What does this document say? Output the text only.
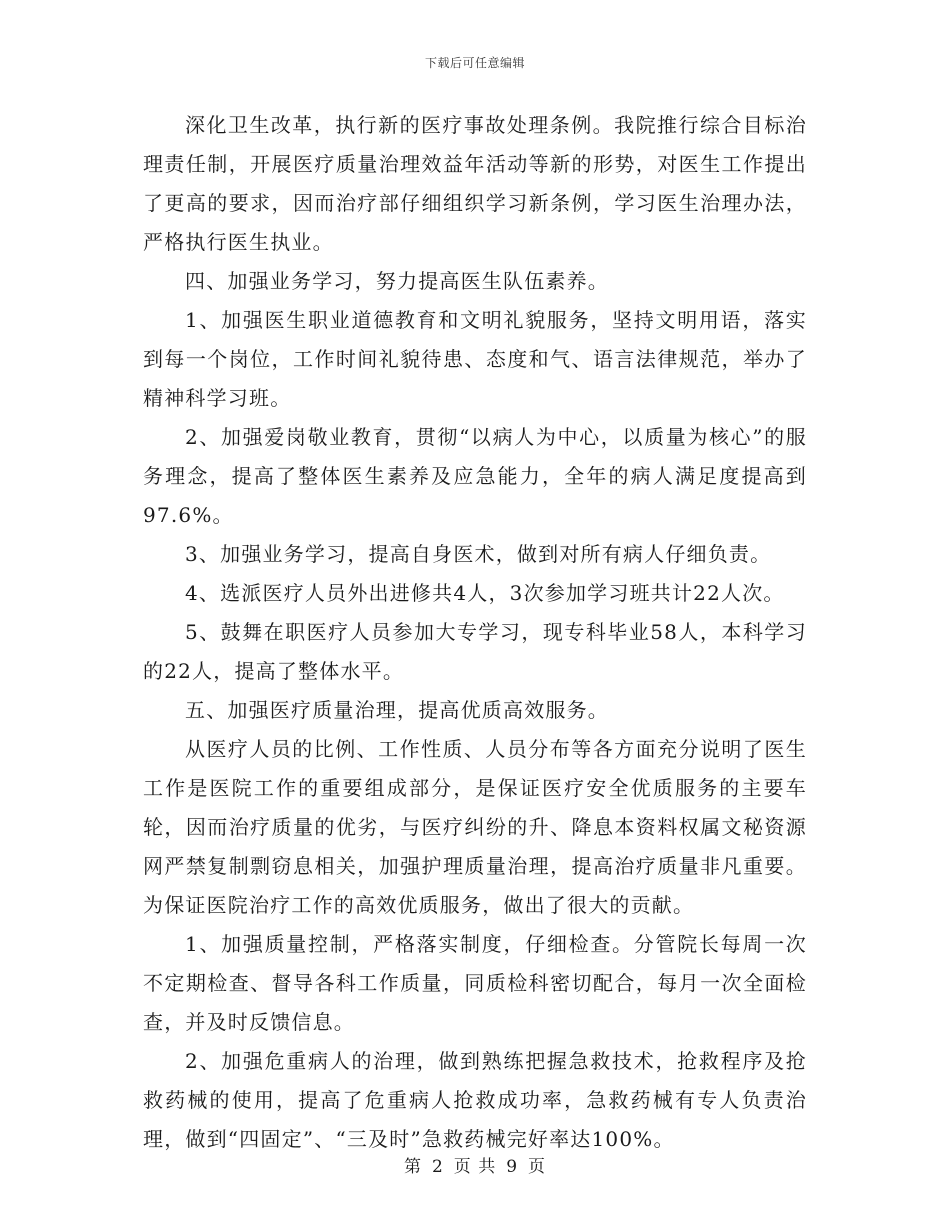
下载后可任意编辑

深化卫生改革，执行新的医疗事故处理条例。我院推行综合目标治理责任制，开展医疗质量治理效益年活动等新的形势，对医生工作提出了更高的要求，因而治疗部仔细组织学习新条例，学习医生治理办法，严格执行医生执业。

四、加强业务学习，努力提高医生队伍素养。

1、加强医生职业道德教育和文明礼貌服务，坚持文明用语，落实到每一个岗位，工作时间礼貌待患、态度和气、语言法律规范，举办了精神科学习班。

2、加强爱岗敬业教育，贯彻“以病人为中心，以质量为核心”的服务理念，提高了整体医生素养及应急能力，全年的病人满足度提高到97.6%。

3、加强业务学习，提高自身医术，做到对所有病人仔细负责。

4、选派医疗人员外出进修共4人，3次参加学习班共计22人次。

5、鼓舞在职医疗人员参加大专学习，现专科毕业58人，本科学习的22人，提高了整体水平。

五、加强医疗质量治理，提高优质高效服务。

从医疗人员的比例、工作性质、人员分布等各方面充分说明了医生工作是医院工作的重要组成部分，是保证医疗安全优质服务的主要车轮，因而治疗质量的优劣，与医疗纠纷的升、降息本资料权属文秘资源网严禁复制剽窃息相关，加强护理质量治理，提高治疗质量非凡重要。为保证医院治疗工作的高效优质服务，做出了很大的贡献。

1、加强质量控制，严格落实制度，仔细检查。分管院长每周一次不定期检查、督导各科工作质量，同质检科密切配合，每月一次全面检查，并及时反馈信息。

2、加强危重病人的治理，做到熟练把握急救技术，抢救程序及抢救药械的使用，提高了危重病人抢救成功率，急救药械有专人负责治理，做到“四固定”、“三及时”急救药械完好率达100%。

第 2 页 共 9 页
